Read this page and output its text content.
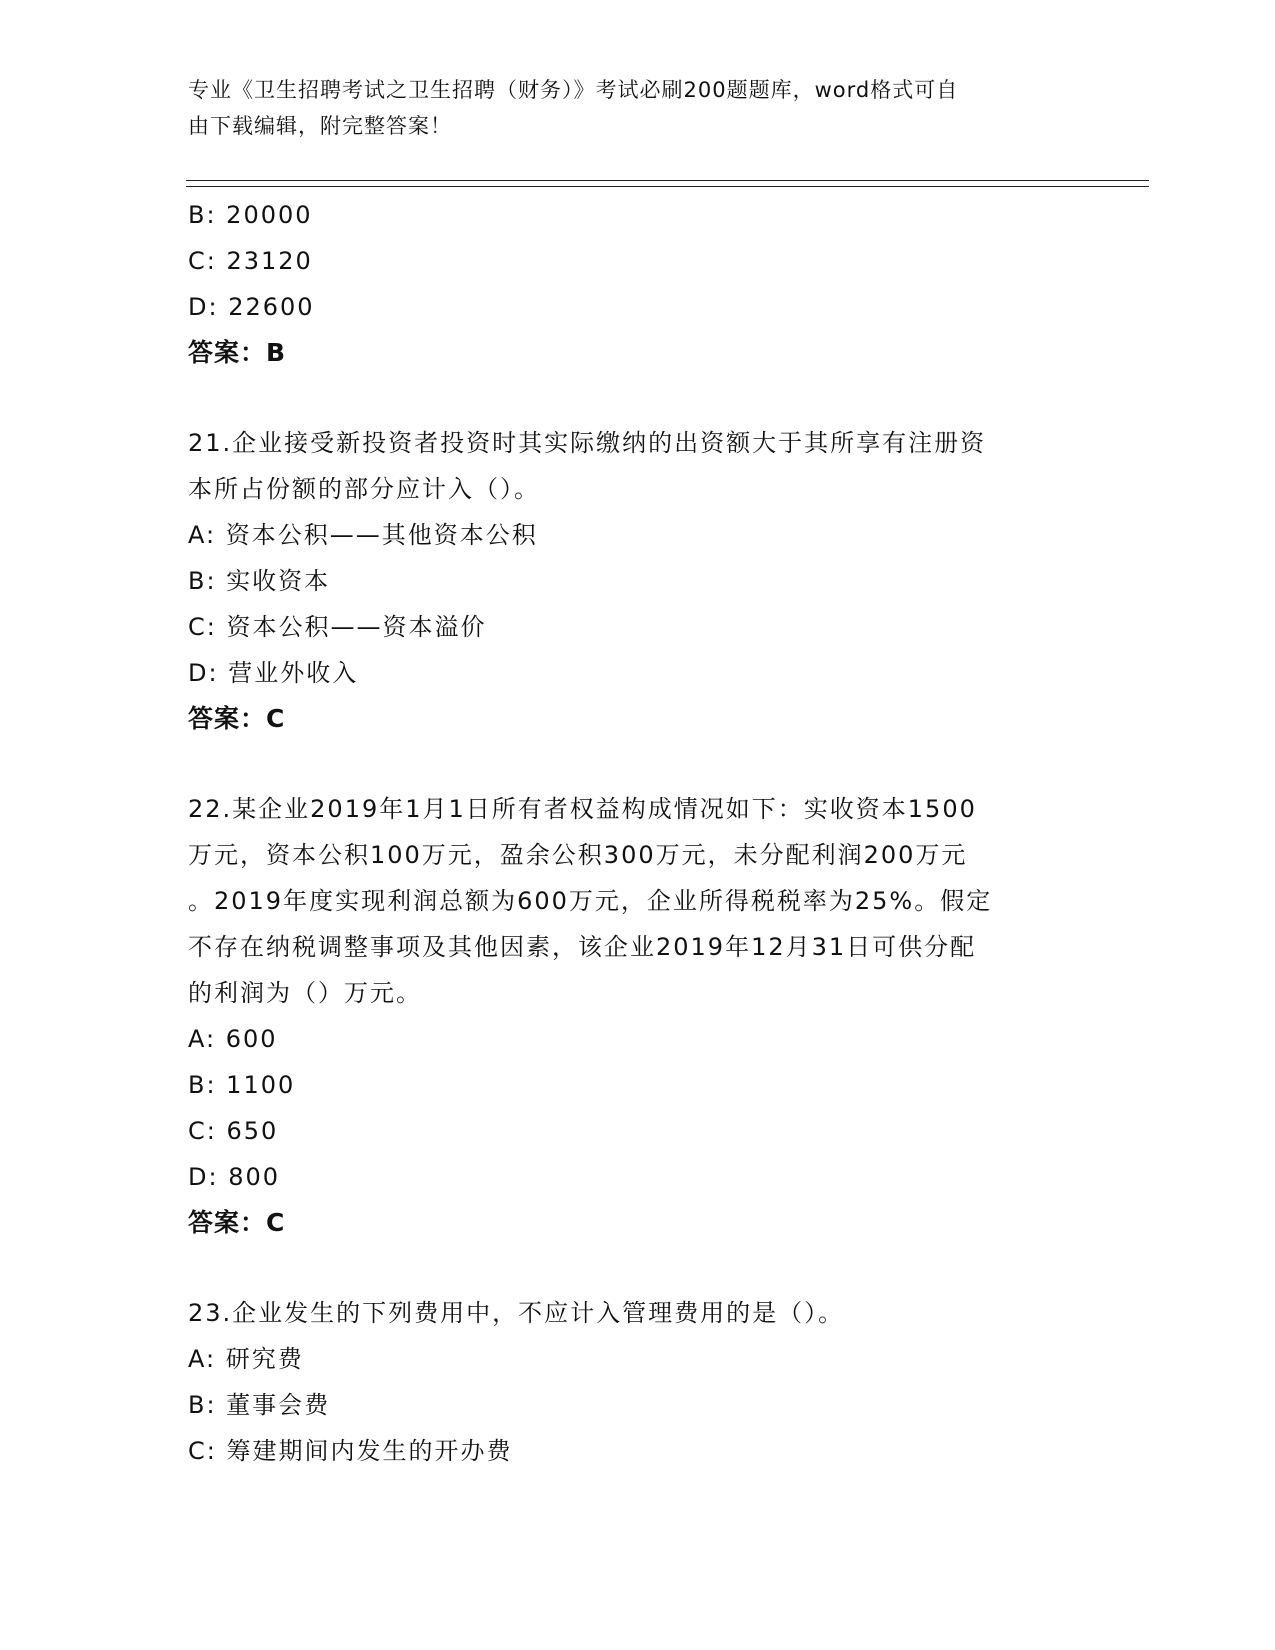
专业《卫生招聘考试之卫生招聘（财务）》考试必刷200题题库，word格式可自
由下载编辑，附完整答案！
B: 20000
C: 23120
D: 22600
答案：B
21.企业接受新投资者投资时其实际缴纳的出资额大于其所享有注册资
本所占份额的部分应计入（）。
A: 资本公积——其他资本公积
B: 实收资本
C: 资本公积——资本溢价
D: 营业外收入
答案：C
22.某企业2019年1月1日所有者权益构成情况如下：实收资本1500
万元，资本公积100万元，盈余公积300万元，未分配利润200万元
。2019年度实现利润总额为600万元，企业所得税税率为25%。假定
不存在纳税调整事项及其他因素，该企业2019年12月31日可供分配
的利润为（）万元。
A: 600
B: 1100
C: 650
D: 800
答案：C
23.企业发生的下列费用中，不应计入管理费用的是（）。
A: 研究费
B: 董事会费
C: 筹建期间内发生的开办费
